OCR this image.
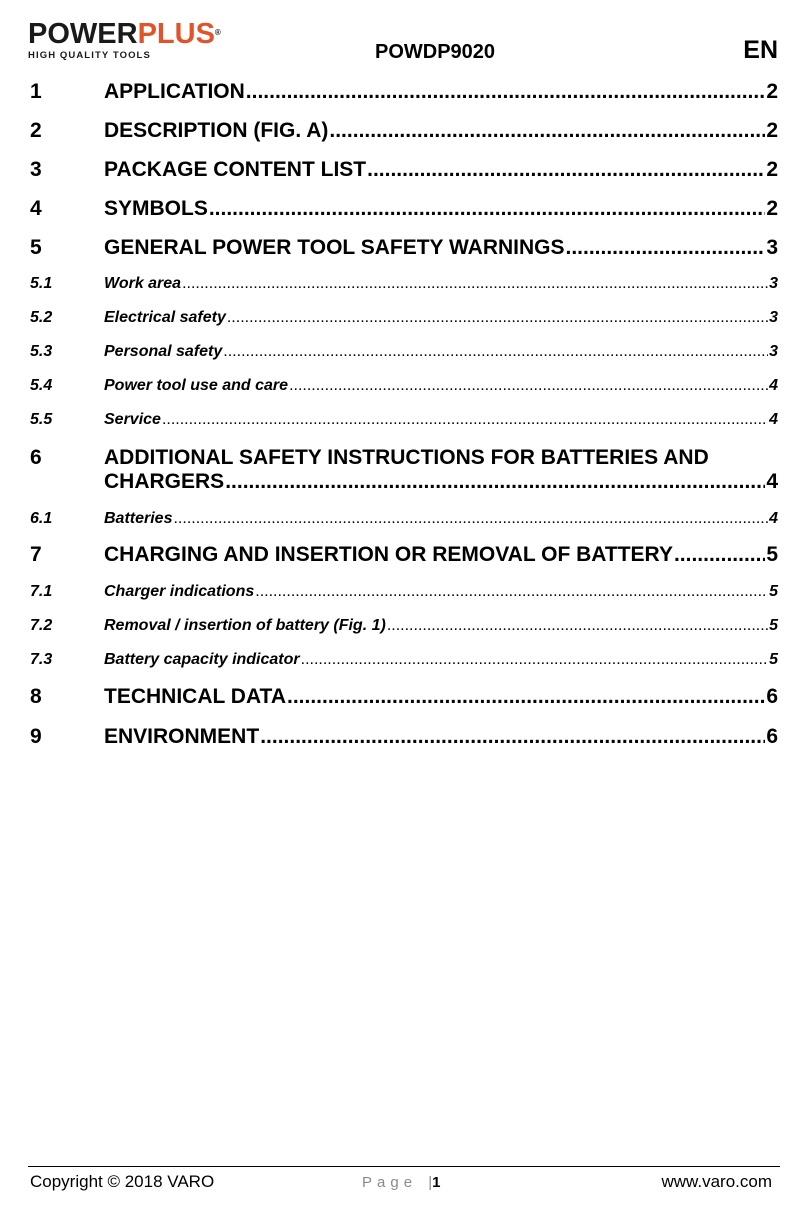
POWERPLUS®
HIGH QUALITY TOOLS	POWDP9020	EN
1	APPLICATION .....	2
2	DESCRIPTION (FIG. A) .....	2
3	PACKAGE CONTENT LIST .....	2
4	SYMBOLS .....	2
5	GENERAL POWER TOOL SAFETY WARNINGS .....	3
5.1	Work area .....	3
5.2	Electrical safety .....	3
5.3	Personal safety .....	3
5.4	Power tool use and care .....	4
5.5	Service .....	4
6	ADDITIONAL SAFETY INSTRUCTIONS FOR BATTERIES AND
CHARGERS .....	4
6.1	Batteries .....	4
7	CHARGING AND INSERTION OR REMOVAL OF BATTERY .....	5
7.1	Charger indications .....	5
7.2	Removal / insertion of battery (Fig. 1) .....	5
7.3	Battery capacity indicator .....	5
8	TECHNICAL DATA .....	6
9	ENVIRONMENT .....	6
Copyright © 2018 VARO	Page |1	www.varo.com
